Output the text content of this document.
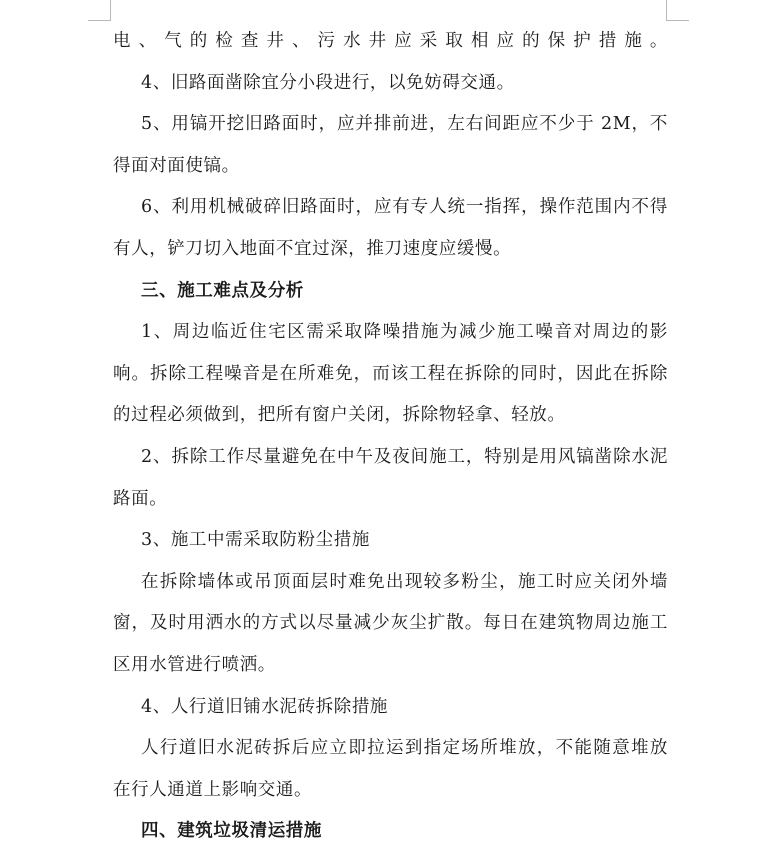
电、气的检查井、污水井应采取相应的保护措施。
4、旧路面凿除宜分小段进行，以免妨碍交通。
5、用镐开挖旧路面时，应并排前进，左右间距应不少于 2M，不
得面对面使镐。
6、利用机械破碎旧路面时，应有专人统一指挥，操作范围内不得
有人，铲刀切入地面不宜过深，推刀速度应缓慢。
三、施工难点及分析
1、周边临近住宅区需采取降噪措施为减少施工噪音对周边的影
响。拆除工程噪音是在所难免，而该工程在拆除的同时，因此在拆除
的过程必须做到，把所有窗户关闭，拆除物轻拿、轻放。
2、拆除工作尽量避免在中午及夜间施工，特别是用风镐凿除水泥
路面。
3、施工中需采取防粉尘措施
在拆除墙体或吊顶面层时难免出现较多粉尘，施工时应关闭外墙
窗，及时用洒水的方式以尽量减少灰尘扩散。每日在建筑物周边施工
区用水管进行喷洒。
4、人行道旧铺水泥砖拆除措施
人行道旧水泥砖拆后应立即拉运到指定场所堆放，不能随意堆放
在行人通道上影响交通。
四、建筑垃圾清运措施
